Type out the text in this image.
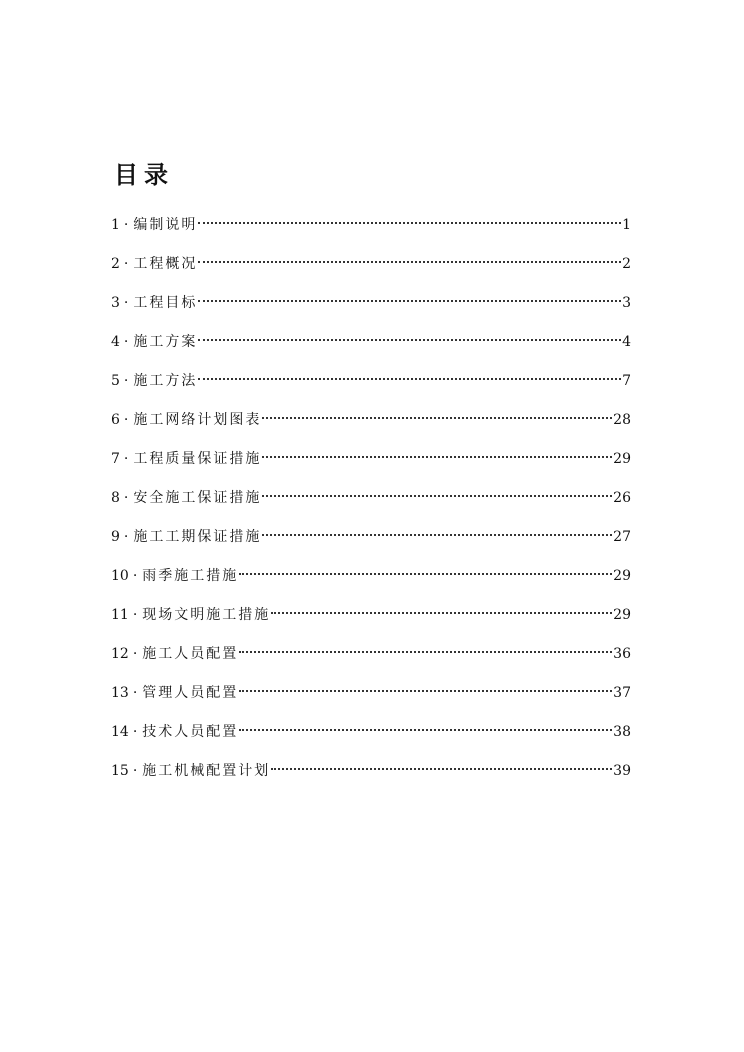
目录
1 · 编制说明	1
2 · 工程概况	2
3 · 工程目标	3
4 · 施工方案	4
5 · 施工方法	7
6 · 施工网络计划图表	28
7 · 工程质量保证措施	29
8 · 安全施工保证措施	26
9 · 施工工期保证措施	27
10 · 雨季施工措施	29
11 · 现场文明施工措施	29
12 · 施工人员配置	36
13 · 管理人员配置	37
14 · 技术人员配置	38
15 · 施工机械配置计划	39
